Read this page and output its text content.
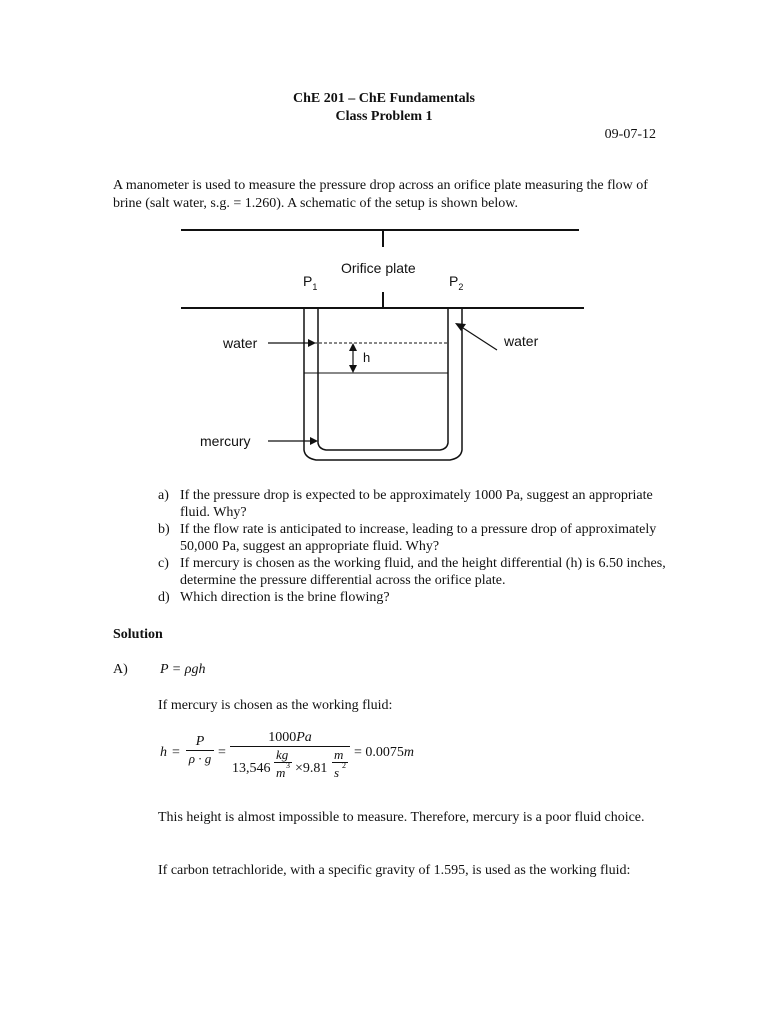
ChE 201 – ChE Fundamentals
Class Problem 1
09-07-12
A manometer is used to measure the pressure drop across an orifice plate measuring the flow of brine (salt water, s.g. = 1.260). A schematic of the setup is shown below.
Orifice plate
$P_1$	$P_2$
water	water
h
mercury
a) If the pressure drop is expected to be approximately 1000 Pa, suggest an appropriate fluid. Why?
b) If the flow rate is anticipated to increase, leading to a pressure drop of approximately 50,000 Pa, suggest an appropriate fluid. Why?
c) If mercury is chosen as the working fluid, and the height differential (h) is 6.50 inches, determine the pressure differential across the orifice plate.
d) Which direction is the brine flowing?
Solution
A) P = ρgh
If mercury is chosen as the working fluid:
h =
P
ρ · g =
1000Pa
13,546
kg
m 3 ×9.81
m
s 2
= 0.0075m
This height is almost impossible to measure. Therefore, mercury is a poor fluid choice.
If carbon tetrachloride, with a specific gravity of 1.595, is used as the working fluid:
